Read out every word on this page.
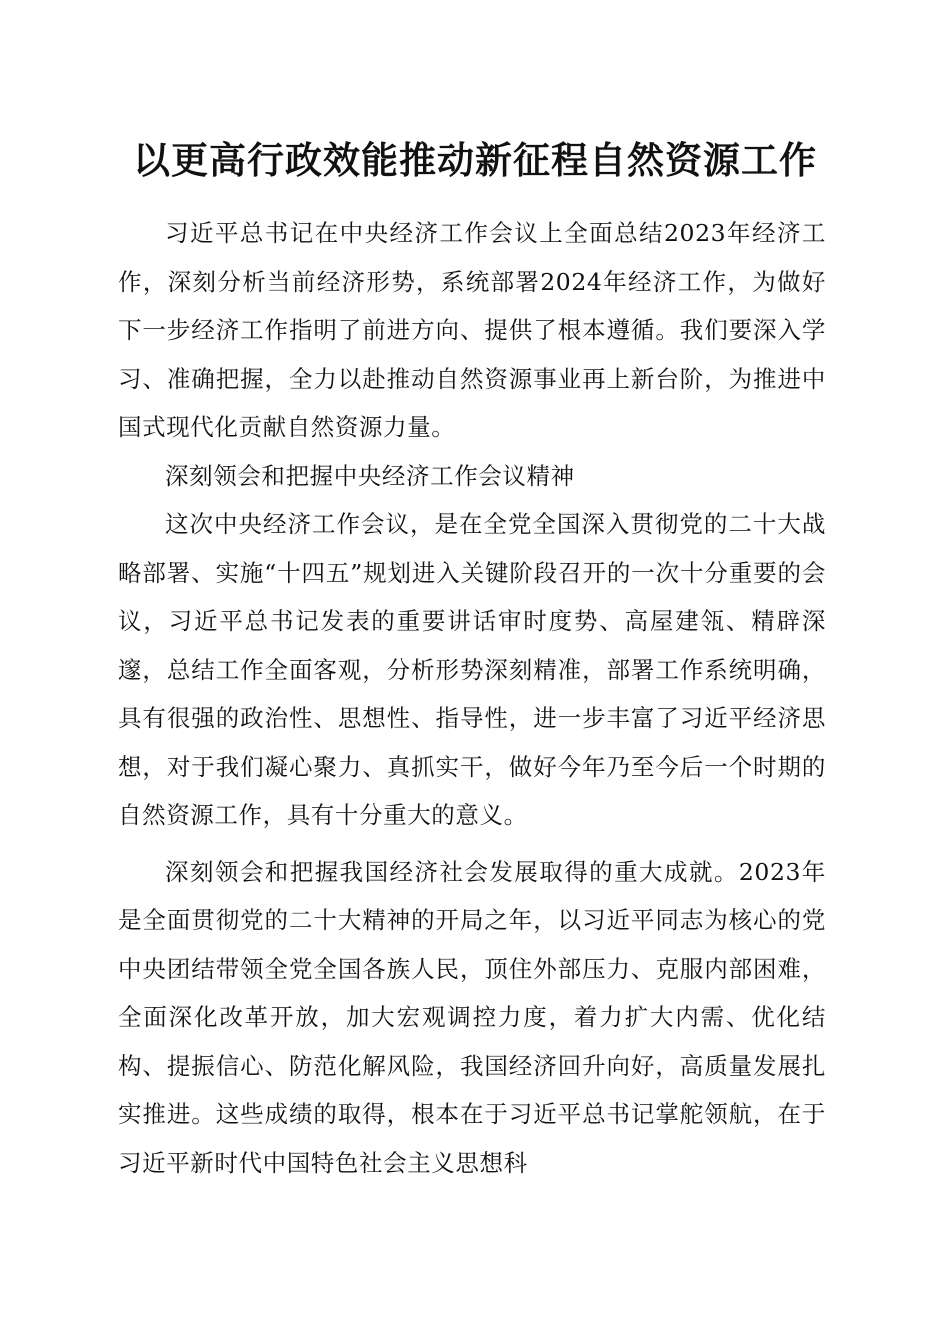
以更高行政效能推动新征程自然资源工作

习近平总书记在中央经济工作会议上全面总结2023年经济工作，深刻分析当前经济形势，系统部署2024年经济工作，为做好下一步经济工作指明了前进方向、提供了根本遵循。我们要深入学习、准确把握，全力以赴推动自然资源事业再上新台阶，为推进中国式现代化贡献自然资源力量。

深刻领会和把握中央经济工作会议精神

这次中央经济工作会议，是在全党全国深入贯彻党的二十大战略部署、实施“十四五”规划进入关键阶段召开的一次十分重要的会议，习近平总书记发表的重要讲话审时度势、高屋建瓴、精辟深邃，总结工作全面客观，分析形势深刻精准，部署工作系统明确，具有很强的政治性、思想性、指导性，进一步丰富了习近平经济思想，对于我们凝心聚力、真抓实干，做好今年乃至今后一个时期的自然资源工作，具有十分重大的意义。

深刻领会和把握我国经济社会发展取得的重大成就。2023年是全面贯彻党的二十大精神的开局之年，以习近平同志为核心的党中央团结带领全党全国各族人民，顶住外部压力、克服内部困难，全面深化改革开放，加大宏观调控力度，着力扩大内需、优化结构、提振信心、防范化解风险，我国经济回升向好，高质量发展扎实推进。这些成绩的取得，根本在于习近平总书记掌舵领航，在于习近平新时代中国特色社会主义思想科
